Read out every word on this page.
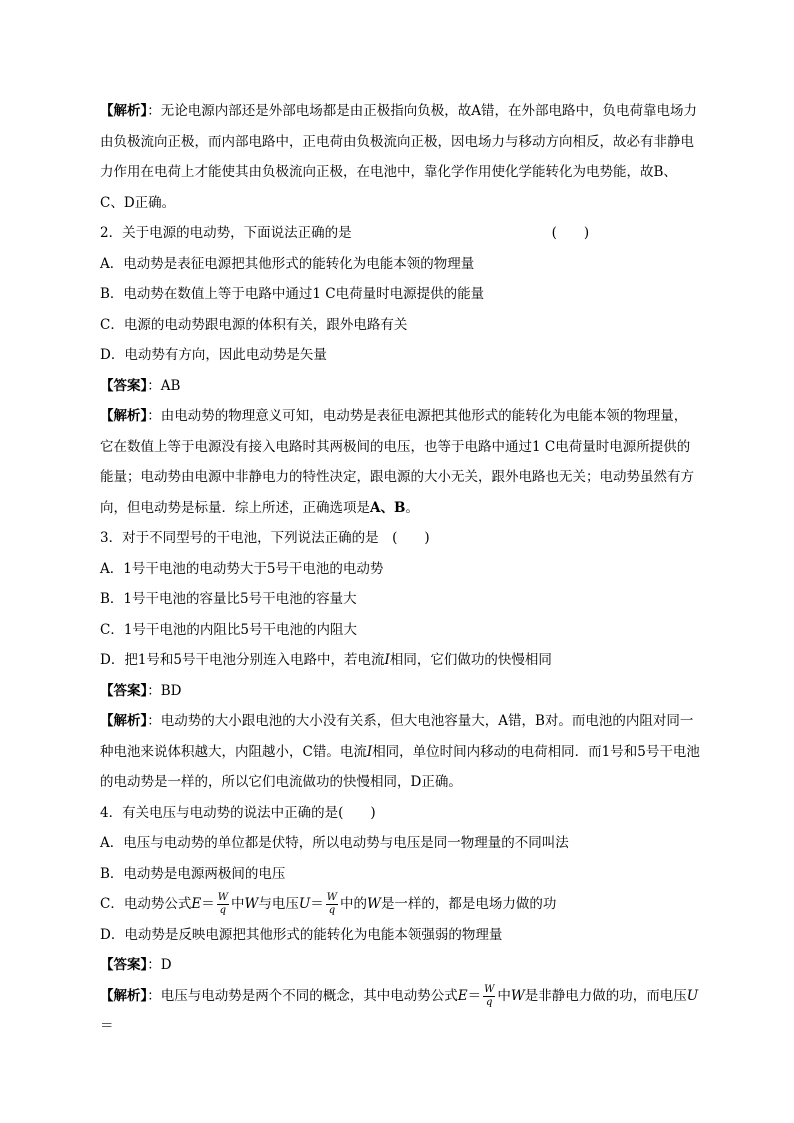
【解析】：无论电源内部还是外部电场都是由正极指向负极，故A错，在外部电路中，负电荷靠电场力由负极流向正极，而内部电路中，正电荷由负极流向正极，因电场力与移动方向相反，故必有非静电力作用在电荷上才能使其由负极流向正极，在电池中，靠化学作用使化学能转化为电势能，故B、C、D正确。

2．关于电源的电动势，下面说法正确的是	(　　)

A．电动势是表征电源把其他形式的能转化为电能本领的物理量

B．电动势在数值上等于电路中通过1 C电荷量时电源提供的能量

C．电源的电动势跟电源的体积有关，跟外电路有关

D．电动势有方向，因此电动势是矢量

【答案】：AB

【解析】：由电动势的物理意义可知，电动势是表征电源把其他形式的能转化为电能本领的物理量，它在数值上等于电源没有接入电路时其两极间的电压，也等于电路中通过1 C电荷量时电源所提供的能量；电动势由电源中非静电力的特性决定，跟电源的大小无关，跟外电路也无关；电动势虽然有方向，但电动势是标量．综上所述，正确选项是A、B。

3．对于不同型号的干电池，下列说法正确的是　(　　)

A．1号干电池的电动势大于5号干电池的电动势

B．1号干电池的容量比5号干电池的容量大

C．1号干电池的内阻比5号干电池的内阻大

D．把1号和5号干电池分别连入电路中，若电流I相同，它们做功的快慢相同

【答案】：BD

【解析】：电动势的大小跟电池的大小没有关系，但大电池容量大，A错，B对。而电池的内阻对同一种电池来说体积越大，内阻越小，C错。电流I相同，单位时间内移动的电荷相同．而1号和5号干电池的电动势是一样的，所以它们电流做功的快慢相同，D正确。

4．有关电压与电动势的说法中正确的是(　　)

A．电压与电动势的单位都是伏特，所以电动势与电压是同一物理量的不同叫法

B．电动势是电源两极间的电压

C．电动势公式$E= \frac{W}{q}$ 中W与电压$U= \frac{W}{q}$ 中的W是一样的，都是电场力做的功

D．电动势是反映电源把其他形式的能转化为电能本领强弱的物理量

【答案】：D

【解析】：电压与电动势是两个不同的概念，其中电动势公式$E= \frac{W}{q}$ 中W是非静电力做的功，而电压U＝
